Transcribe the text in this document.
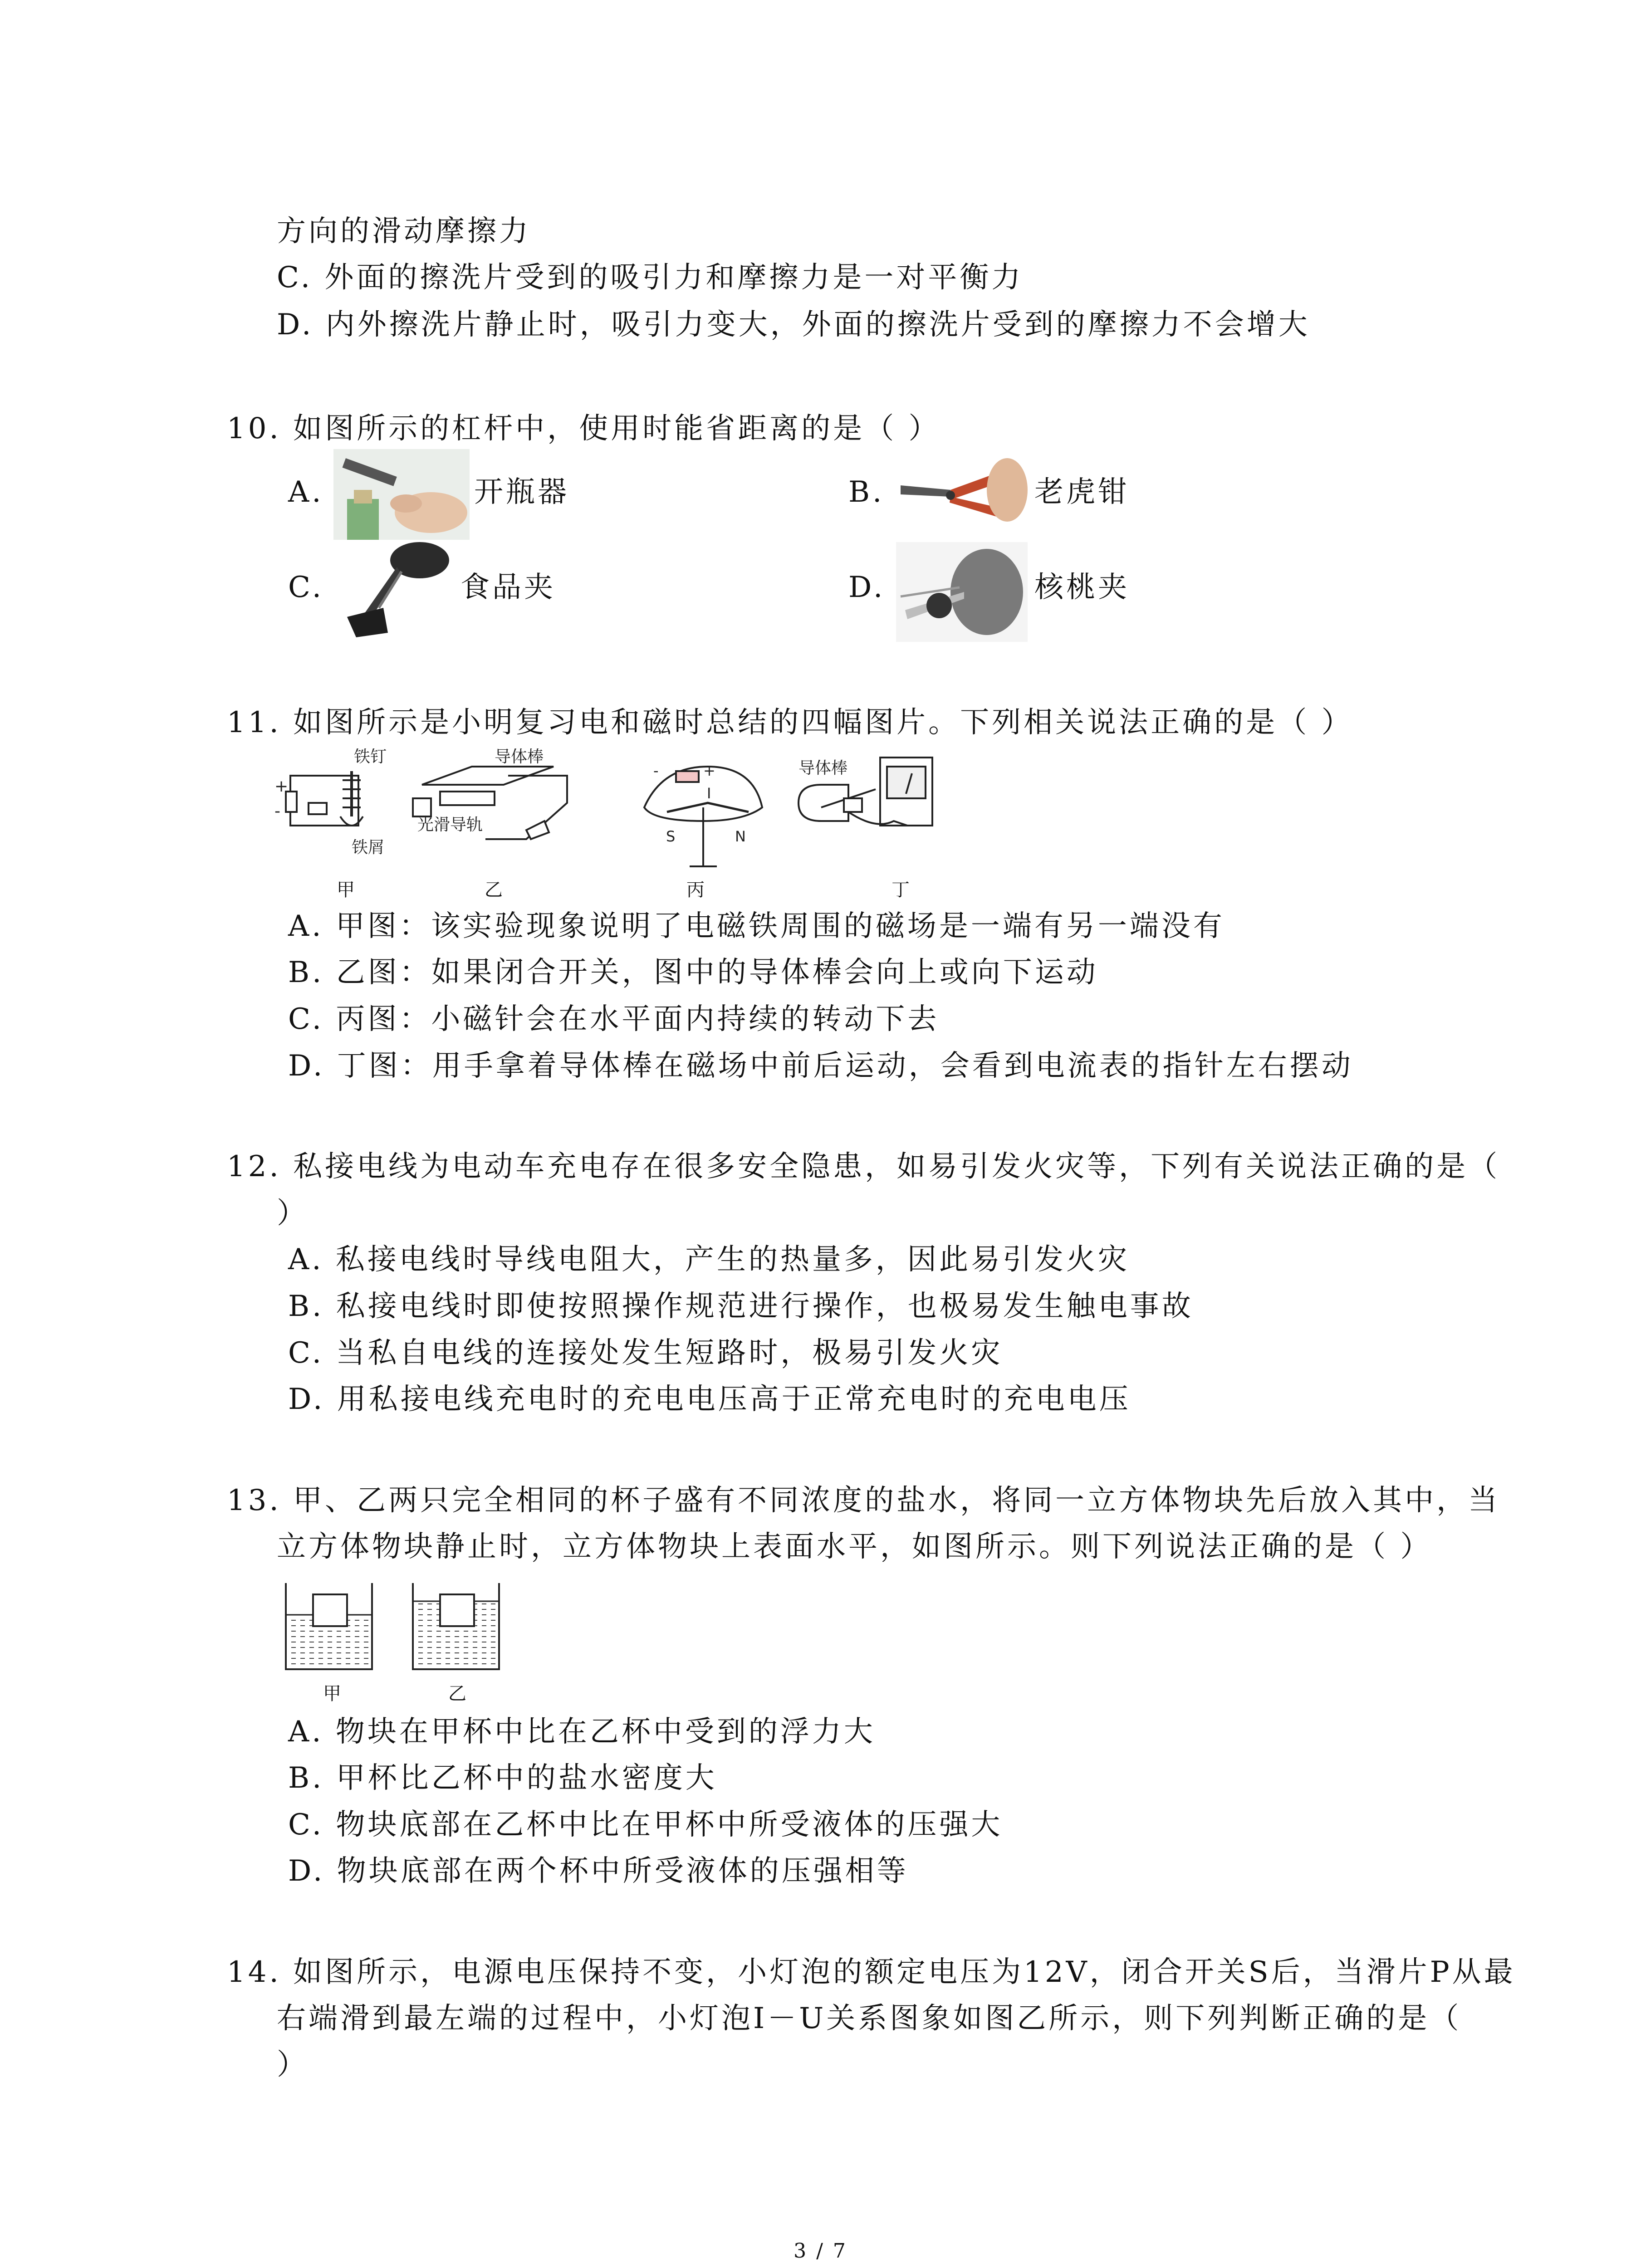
方向的滑动摩擦力
C. 外面的擦洗片受到的吸引力和摩擦力是一对平衡力
D. 内外擦洗片静止时，吸引力变大，外面的擦洗片受到的摩擦力不会增大
10. 如图所示的杠杆中，使用时能省距离的是（ ）
A.	开瓶器	B.	老虎钳
C.	食品夹	D.	核桃夹
11. 如图所示是小明复习电和磁时总结的四幅图片。下列相关说法正确的是（ ）
铁钉
铁屑
+
-
导体棒
光滑导轨
I
S	N
-	+	导体棒
甲	乙	丙	丁
A. 甲图：该实验现象说明了电磁铁周围的磁场是一端有另一端没有
B. 乙图：如果闭合开关，图中的导体棒会向上或向下运动
C. 丙图：小磁针会在水平面内持续的转动下去
D. 丁图：用手拿着导体棒在磁场中前后运动，会看到电流表的指针左右摆动
12. 私接电线为电动车充电存在很多安全隐患，如易引发火灾等，下列有关说法正确的是（
）
A. 私接电线时导线电阻大，产生的热量多，因此易引发火灾
B. 私接电线时即使按照操作规范进行操作，也极易发生触电事故
C. 当私自电线的连接处发生短路时，极易引发火灾
D. 用私接电线充电时的充电电压高于正常充电时的充电电压
13. 甲、乙两只完全相同的杯子盛有不同浓度的盐水，将同一立方体物块先后放入其中，当
立方体物块静止时，立方体物块上表面水平，如图所示。则下列说法正确的是（ ）
甲	乙
A. 物块在甲杯中比在乙杯中受到的浮力大
B. 甲杯比乙杯中的盐水密度大
C. 物块底部在乙杯中比在甲杯中所受液体的压强大
D. 物块底部在两个杯中所受液体的压强相等
14. 如图所示，电源电压保持不变，小灯泡的额定电压为12V，闭合开关S后，当滑片P从最
右端滑到最左端的过程中，小灯泡I－U关系图象如图乙所示，则下列判断正确的是（
）
3 / 7
